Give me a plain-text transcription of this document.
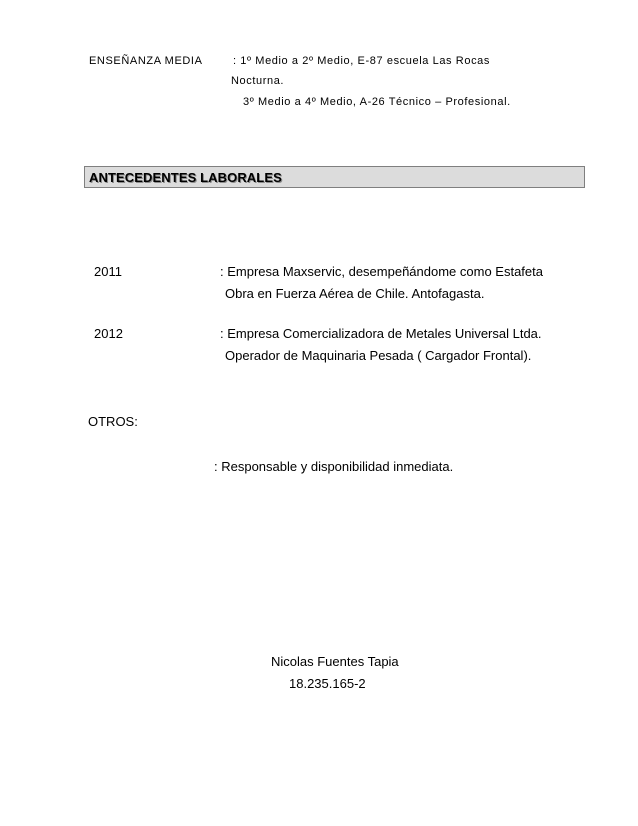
ENSEÑANZA MEDIA	: 1º Medio a 2º Medio, E-87 escuela Las Rocas
Nocturna.
3º Medio a 4º Medio, A-26 Técnico – Profesional.
ANTECEDENTES LABORALES
2011	: Empresa Maxservic, desempeñándome como Estafeta
Obra en Fuerza Aérea de Chile. Antofagasta.
2012	: Empresa Comercializadora de Metales Universal Ltda.
Operador de Maquinaria Pesada ( Cargador Frontal).
OTROS:
: Responsable y disponibilidad inmediata.
Nicolas Fuentes Tapia
18.235.165-2
